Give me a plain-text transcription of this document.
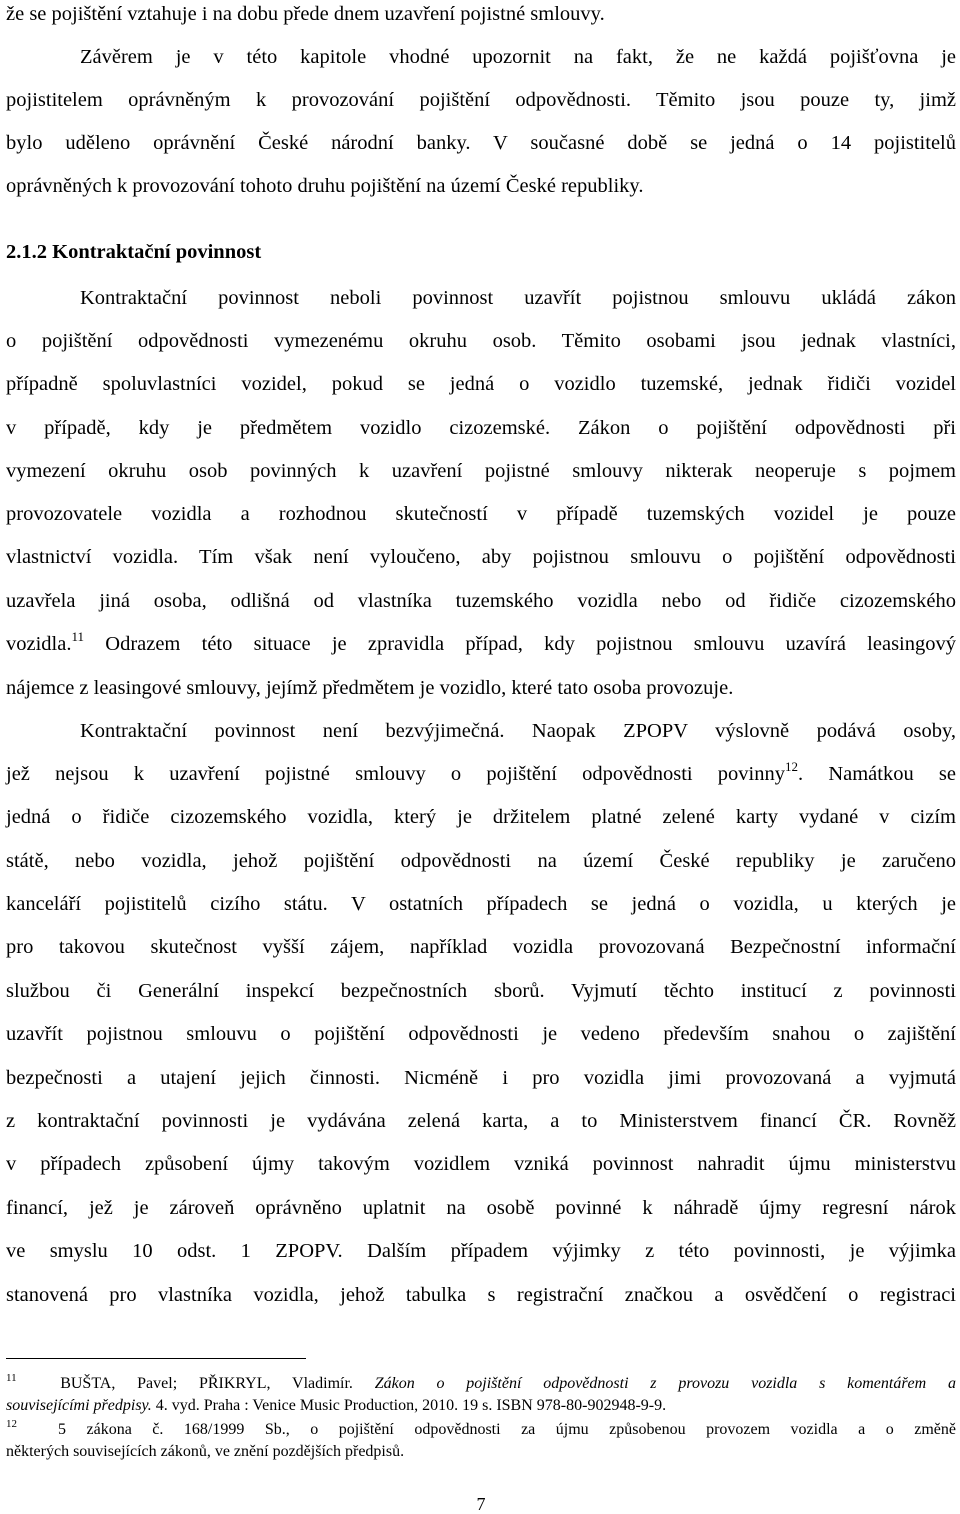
že se pojištění vztahuje i na dobu přede dnem uzavření pojistné smlouvy.
Závěrem je v této kapitole vhodné upozornit na fakt, že ne každá pojišťovna je
pojistitelem oprávněným k provozování pojištění odpovědnosti. Těmito jsou pouze ty, jimž
bylo uděleno oprávnění České národní banky. V současné době se jedná o 14 pojistitelů
oprávněných k provozování tohoto druhu pojištění na území České republiky.
2.1.2 Kontraktační povinnost
Kontraktační povinnost neboli povinnost uzavřít pojistnou smlouvu ukládá zákon
o pojištění odpovědnosti vymezenému okruhu osob. Těmito osobami jsou jednak vlastníci,
případně spoluvlastníci vozidel, pokud se jedná o vozidlo tuzemské, jednak řidiči vozidel
v případě, kdy je předmětem vozidlo cizozemské. Zákon o pojištění odpovědnosti při
vymezení okruhu osob povinných k uzavření pojistné smlouvy nikterak neoperuje s pojmem
provozovatele vozidla a rozhodnou skutečností v případě tuzemských vozidel je pouze
vlastnictví vozidla. Tím však není vyloučeno, aby pojistnou smlouvu o pojištění odpovědnosti
uzavřela jiná osoba, odlišná od vlastníka tuzemského vozidla nebo od řidiče cizozemského
vozidla.$^{11}$ Odrazem této situace je zpravidla případ, kdy pojistnou smlouvu uzavírá leasingový
nájemce z leasingové smlouvy, jejímž předmětem je vozidlo, které tato osoba provozuje.
Kontraktační povinnost není bezvýjimečná. Naopak ZPOPV výslovně podává osoby,
jež nejsou k uzavření pojistné smlouvy o pojištění odpovědnosti povinny$^{12}$. Namátkou se
jedná o řidiče cizozemského vozidla, který je držitelem platné zelené karty vydané v cizím
státě, nebo vozidla, jehož pojištění odpovědnosti na území České republiky je zaručeno
kanceláří pojistitelů cizího státu. V ostatních případech se jedná o vozidla, u kterých je
pro takovou skutečnost vyšší zájem, například vozidla provozovaná Bezpečnostní informační
službou či Generální inspekcí bezpečnostních sborů. Vyjmutí těchto institucí z povinnosti
uzavřít pojistnou smlouvu o pojištění odpovědnosti je vedeno především snahou o zajištění
bezpečnosti a utajení jejich činnosti. Nicméně i pro vozidla jimi provozovaná a vyjmutá
z kontraktační povinnosti je vydávána zelená karta, a to Ministerstvem financí ČR. Rovněž
v případech způsobení újmy takovým vozidlem vzniká povinnost nahradit újmu ministerstvu
financí, jež je zároveň oprávněno uplatnit na osobě povinné k náhradě újmy regresní nárok
ve smyslu 10 odst. 1 ZPOPV. Dalším případem výjimky z této povinnosti, je výjimka
stanovená pro vlastníka vozidla, jehož tabulka s registrační značkou a osvědčení o registraci
$^{11}$	BUŠTA, Pavel; PŘIKRYL, Vladimír. Zákon o pojištění odpovědnosti z provozu vozidla s komentářem a
souvisejícími předpisy. 4. vyd. Praha : Venice Music Production, 2010. 19 s. ISBN 978-80-902948-9-9.
$^{12}$	5 zákona č. 168/1999 Sb., o pojištění odpovědnosti za újmu způsobenou provozem vozidla a o změně
některých souvisejících zákonů, ve znění pozdějších předpisů.
7
